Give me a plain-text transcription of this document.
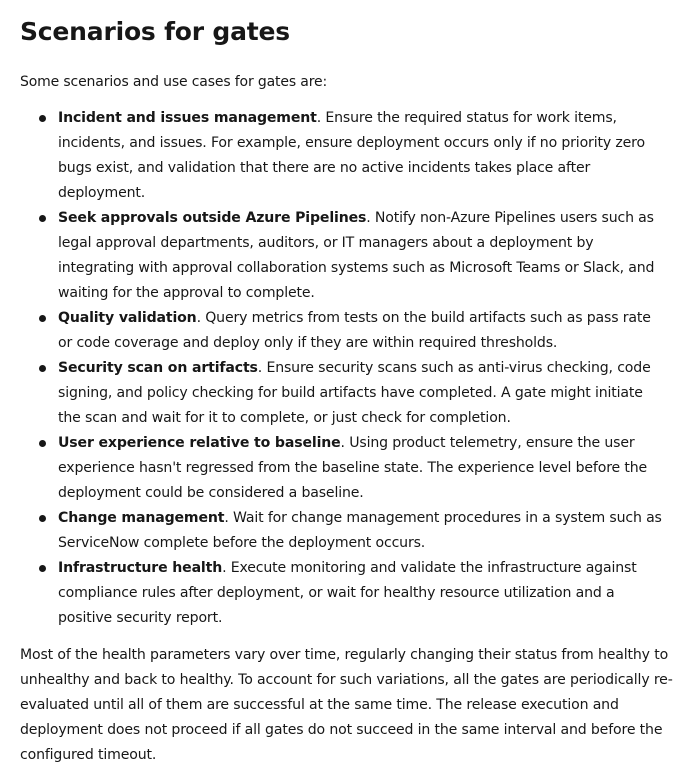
Scenarios for gates

Some scenarios and use cases for gates are:

Incident and issues management. Ensure the required status for work items, incidents, and issues. For example, ensure deployment occurs only if no priority zero bugs exist, and validation that there are no active incidents takes place after deployment.
Seek approvals outside Azure Pipelines. Notify non-Azure Pipelines users such as legal approval departments, auditors, or IT managers about a deployment by integrating with approval collaboration systems such as Microsoft Teams or Slack, and waiting for the approval to complete.
Quality validation. Query metrics from tests on the build artifacts such as pass rate or code coverage and deploy only if they are within required thresholds.
Security scan on artifacts. Ensure security scans such as anti-virus checking, code signing, and policy checking for build artifacts have completed. A gate might initiate the scan and wait for it to complete, or just check for completion.
User experience relative to baseline. Using product telemetry, ensure the user experience hasn't regressed from the baseline state. The experience level before the deployment could be considered a baseline.
Change management. Wait for change management procedures in a system such as ServiceNow complete before the deployment occurs.
Infrastructure health. Execute monitoring and validate the infrastructure against compliance rules after deployment, or wait for healthy resource utilization and a positive security report.

Most of the health parameters vary over time, regularly changing their status from healthy to unhealthy and back to healthy. To account for such variations, all the gates are periodically re-evaluated until all of them are successful at the same time. The release execution and deployment does not proceed if all gates do not succeed in the same interval and before the configured timeout.
